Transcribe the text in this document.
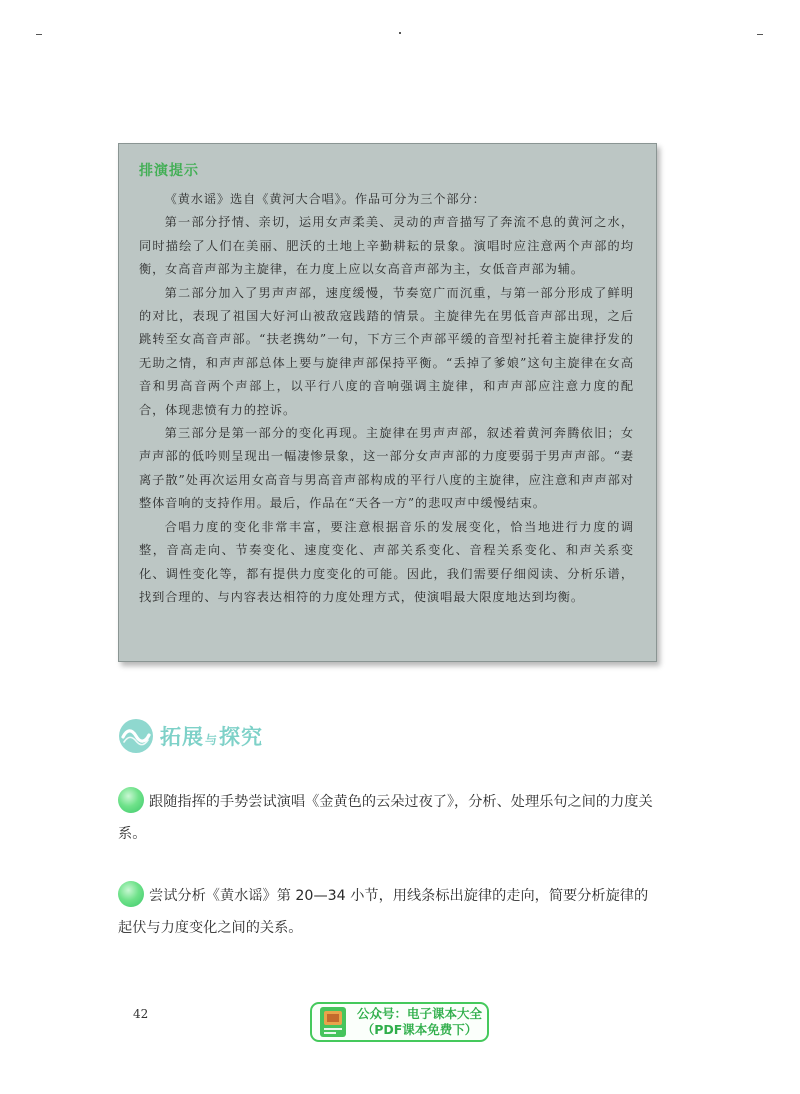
排演提示

《黄水谣》选自《黄河大合唱》。作品可分为三个部分：

第一部分抒情、亲切，运用女声柔美、灵动的声音描写了奔流不息的黄河之水，同时描绘了人们在美丽、肥沃的土地上辛勤耕耘的景象。演唱时应注意两个声部的均衡，女高音声部为主旋律，在力度上应以女高音声部为主，女低音声部为辅。

第二部分加入了男声声部，速度缓慢，节奏宽广而沉重，与第一部分形成了鲜明的对比，表现了祖国大好河山被敌寇践踏的情景。主旋律先在男低音声部出现，之后跳转至女高音声部。“扶老携幼”一句，下方三个声部平缓的音型衬托着主旋律抒发的无助之情，和声声部总体上要与旋律声部保持平衡。“丢掉了爹娘”这句主旋律在女高音和男高音两个声部上，以平行八度的音响强调主旋律，和声声部应注意力度的配合，体现悲愤有力的控诉。

第三部分是第一部分的变化再现。主旋律在男声声部，叙述着黄河奔腾依旧；女声声部的低吟则呈现出一幅凄惨景象，这一部分女声声部的力度要弱于男声声部。“妻离子散”处再次运用女高音与男高音声部构成的平行八度的主旋律，应注意和声声部对整体音响的支持作用。最后，作品在“天各一方”的悲叹声中缓慢结束。

合唱力度的变化非常丰富，要注意根据音乐的发展变化，恰当地进行力度的调整，音高走向、节奏变化、速度变化、声部关系变化、音程关系变化、和声关系变化、调性变化等，都有提供力度变化的可能。因此，我们需要仔细阅读、分析乐谱，找到合理的、与内容表达相符的力度处理方式，使演唱最大限度地达到均衡。

拓展与探究
跟随指挥的手势尝试演唱《金黄色的云朵过夜了》，分析、处理乐句之间的力度关系。
尝试分析《黄水谣》第 20—34 小节，用线条标出旋律的走向，简要分析旋律的起伏与力度变化之间的关系。
42	公众号：电子课本大全
（PDF课本免费下）
